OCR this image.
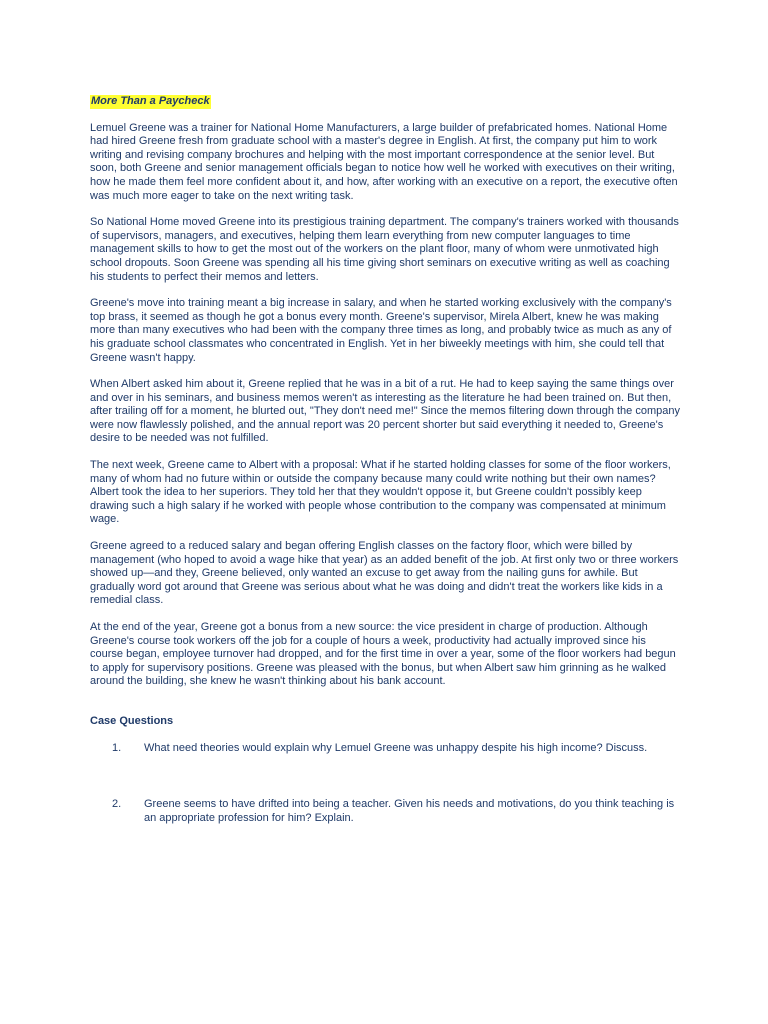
More Than a Paycheck

Lemuel Greene was a trainer for National Home Manufacturers, a large builder of prefabricated homes. National Home had hired Greene fresh from graduate school with a master's degree in English. At first, the company put him to work writing and revising company brochures and helping with the most important correspondence at the senior level. But soon, both Greene and senior management officials began to notice how well he worked with executives on their writing, how he made them feel more confident about it, and how, after working with an executive on a report, the executive often was much more eager to take on the next writing task.

So National Home moved Greene into its prestigious training department. The company's trainers worked with thousands of supervisors, managers, and executives, helping them learn everything from new computer languages to time management skills to how to get the most out of the workers on the plant floor, many of whom were unmotivated high school dropouts. Soon Greene was spending all his time giving short seminars on executive writing as well as coaching his students to perfect their memos and letters.

Greene's move into training meant a big increase in salary, and when he started working exclusively with the company's top brass, it seemed as though he got a bonus every month. Greene's supervisor, Mirela Albert, knew he was making more than many executives who had been with the company three times as long, and probably twice as much as any of his graduate school classmates who concentrated in English. Yet in her biweekly meetings with him, she could tell that Greene wasn't happy.

When Albert asked him about it, Greene replied that he was in a bit of a rut. He had to keep saying the same things over and over in his seminars, and business memos weren't as interesting as the literature he had been trained on. But then, after trailing off for a moment, he blurted out, "They don't need me!" Since the memos filtering down through the company were now flawlessly polished, and the annual report was 20 percent shorter but said everything it needed to, Greene's desire to be needed was not fulfilled.

The next week, Greene came to Albert with a proposal: What if he started holding classes for some of the floor workers, many of whom had no future within or outside the company because many could write nothing but their own names? Albert took the idea to her superiors. They told her that they wouldn't oppose it, but Greene couldn't possibly keep drawing such a high salary if he worked with people whose contribution to the company was compensated at minimum wage.

Greene agreed to a reduced salary and began offering English classes on the factory floor, which were billed by management (who hoped to avoid a wage hike that year) as an added benefit of the job. At first only two or three workers showed up—and they, Greene believed, only wanted an excuse to get away from the nailing guns for awhile. But gradually word got around that Greene was serious about what he was doing and didn't treat the workers like kids in a remedial class.

At the end of the year, Greene got a bonus from a new source: the vice president in charge of production. Although Greene's course took workers off the job for a couple of hours a week, productivity had actually improved since his course began, employee turnover had dropped, and for the first time in over a year, some of the floor workers had begun to apply for supervisory positions. Greene was pleased with the bonus, but when Albert saw him grinning as he walked around the building, she knew he wasn't thinking about his bank account.

Case Questions
1.	What need theories would explain why Lemuel Greene was unhappy despite his high income? Discuss.
2.	Greene seems to have drifted into being a teacher. Given his needs and motivations, do you think teaching is an appropriate profession for him? Explain.
